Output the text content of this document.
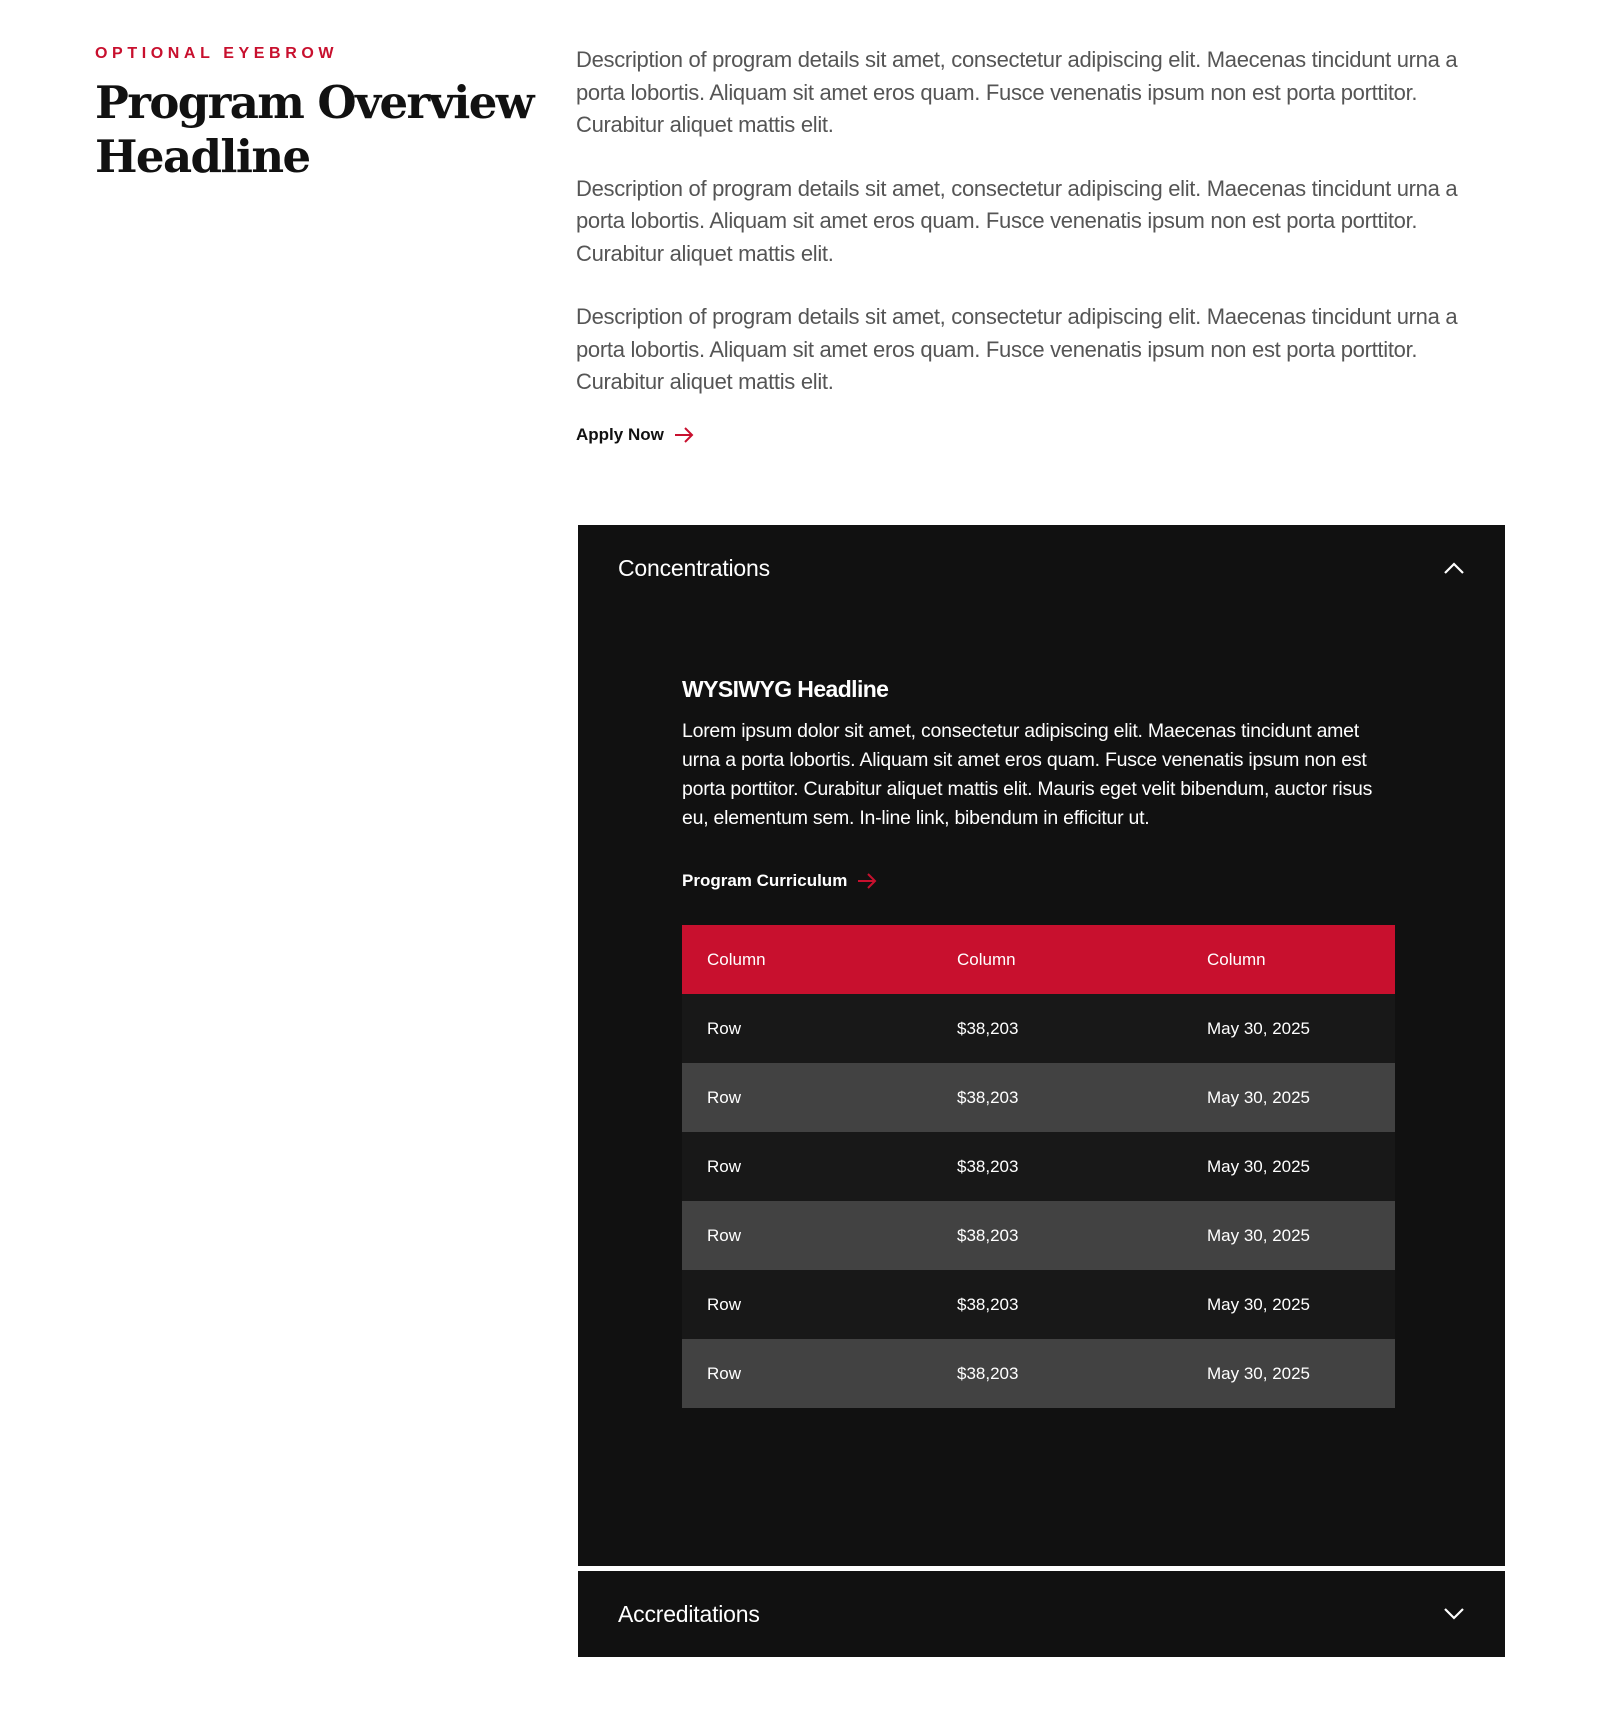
OPTIONAL EYEBROW
Program Overview Headline

Description of program details sit amet, consectetur adipiscing elit. Maecenas tincidunt urna a porta lobortis. Aliquam sit amet eros quam. Fusce venenatis ipsum non est porta porttitor. Curabitur aliquet mattis elit.

Description of program details sit amet, consectetur adipiscing elit. Maecenas tincidunt urna a porta lobortis. Aliquam sit amet eros quam. Fusce venenatis ipsum non est porta porttitor. Curabitur aliquet mattis elit.

Description of program details sit amet, consectetur adipiscing elit. Maecenas tincidunt urna a porta lobortis. Aliquam sit amet eros quam. Fusce venenatis ipsum non est porta porttitor. Curabitur aliquet mattis elit.

Apply Now
Concentrations
WYSIWYG Headline

Lorem ipsum dolor sit amet, consectetur adipiscing elit. Maecenas tincidunt amet urna a porta lobortis. Aliquam sit amet eros quam. Fusce venenatis ipsum non est porta porttitor. Curabitur aliquet mattis elit. Mauris eget velit bibendum, auctor risus eu, elementum sem. In-line link, bibendum in efficitur ut.

Program Curriculum
Column	Column	Column
Row	$38,203	May 30, 2025
Row	$38,203	May 30, 2025
Row	$38,203	May 30, 2025
Row	$38,203	May 30, 2025
Row	$38,203	May 30, 2025
Row	$38,203	May 30, 2025
Accreditations
